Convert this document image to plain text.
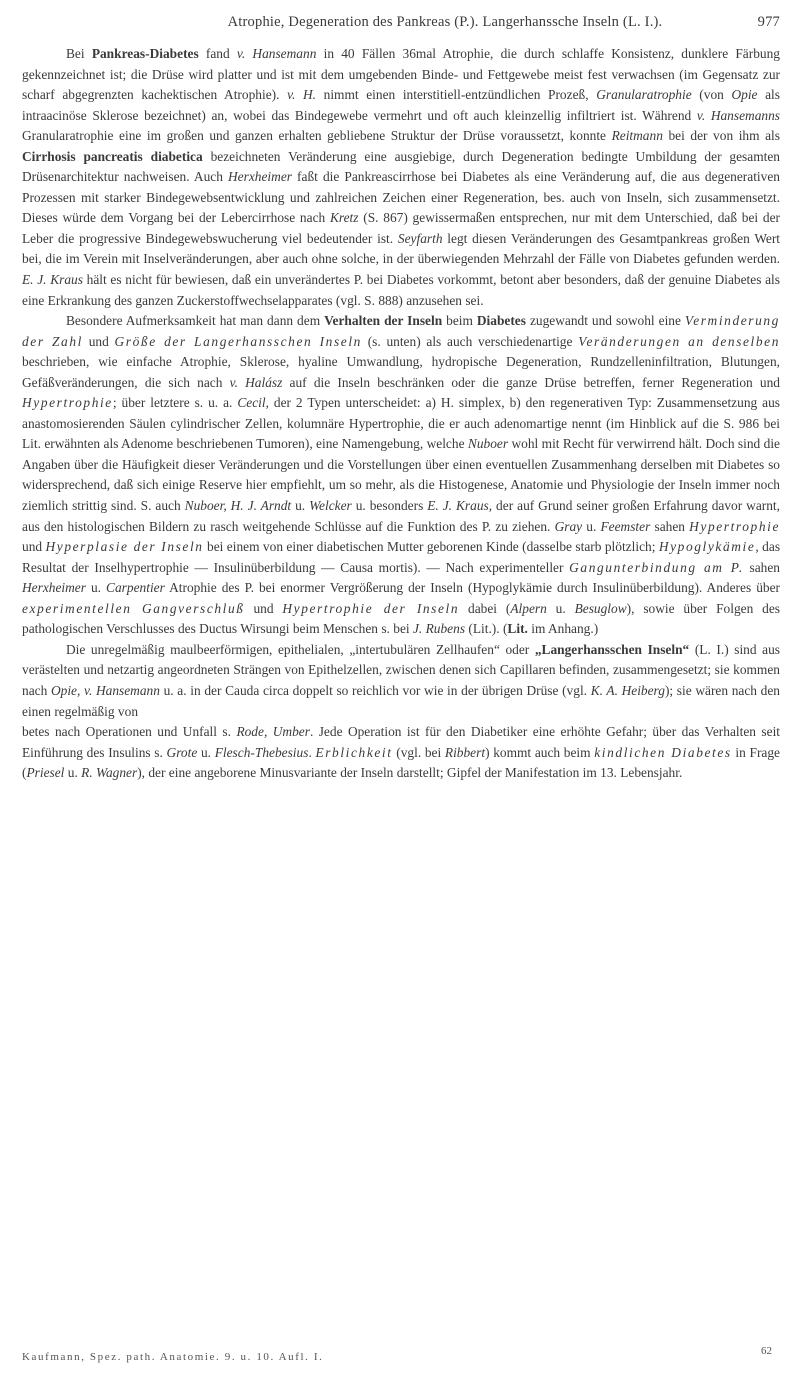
Atrophie, Degeneration des Pankreas (P.). Langerhanssche Inseln (L. I.).	977

Bei Pankreas-Diabetes fand v. Hansemann in 40 Fällen 36mal Atrophie, die durch schlaffe Konsistenz, dunklere Färbung gekennzeichnet ist; die Drüse wird platter und ist mit dem umgebenden Binde- und Fettgewebe meist fest verwachsen (im Gegensatz zur scharf abgegrenzten kachektischen Atrophie). v. H. nimmt einen interstitiell-entzündlichen Prozeß, Granularatrophie (von Opie als intraacinöse Sklerose bezeichnet) an, wobei das Bindegewebe vermehrt und oft auch kleinzellig infiltriert ist. Während v. Hansemanns Granularatrophie eine im großen und ganzen erhalten gebliebene Struktur der Drüse voraussetzt, konnte Reitmann bei der von ihm als Cirrhosis pancreatis diabetica bezeichneten Veränderung eine ausgiebige, durch Degeneration bedingte Umbildung der gesamten Drüsenarchitektur nachweisen. Auch Herxheimer faßt die Pankreascirrhose bei Diabetes als eine Veränderung auf, die aus degenerativen Prozessen mit starker Bindegewebsentwicklung und zahlreichen Zeichen einer Regeneration, bes. auch von Inseln, sich zusammensetzt. Dieses würde dem Vorgang bei der Lebercirrhose nach Kretz (S. 867) gewissermaßen entsprechen, nur mit dem Unterschied, daß bei der Leber die progressive Bindegewebswucherung viel bedeutender ist. Seyfarth legt diesen Veränderungen des Gesamtpankreas großen Wert bei, die im Verein mit Inselveränderungen, aber auch ohne solche, in der überwiegenden Mehrzahl der Fälle von Diabetes gefunden werden. E. J. Kraus hält es nicht für bewiesen, daß ein unverändertes P. bei Diabetes vorkommt, betont aber besonders, daß der genuine Diabetes als eine Erkrankung des ganzen Zuckerstoffwechselapparates (vgl. S. 888) anzusehen sei.

Besondere Aufmerksamkeit hat man dann dem Verhalten der Inseln beim Diabetes zugewandt und sowohl eine Verminderung der Zahl und Größe der Langerhansschen Inseln (s. unten) als auch verschiedenartige Veränderungen an denselben beschrieben, wie einfache Atrophie, Sklerose, hyaline Umwandlung, hydropische Degeneration, Rundzelleninfiltration, Blutungen, Gefäßveränderungen, die sich nach v. Halász auf die Inseln beschränken oder die ganze Drüse betreffen, ferner Regeneration und Hypertrophie; über letztere s. u. a. Cecil, der 2 Typen unterscheidet: a) H. simplex, b) den regenerativen Typ: Zusammensetzung aus anastomosierenden Säulen cylindrischer Zellen, kolumnäre Hypertrophie, die er auch adenomartige nennt (im Hinblick auf die S. 986 bei Lit. erwähnten als Adenome beschriebenen Tumoren), eine Namengebung, welche Nuboer wohl mit Recht für verwirrend hält. Doch sind die Angaben über die Häufigkeit dieser Veränderungen und die Vorstellungen über einen eventuellen Zusammenhang derselben mit Diabetes so widersprechend, daß sich einige Reserve hier empfiehlt, um so mehr, als die Histogenese, Anatomie und Physiologie der Inseln immer noch ziemlich strittig sind. S. auch Nuboer, H. J. Arndt u. Welcker u. besonders E. J. Kraus, der auf Grund seiner großen Erfahrung davor warnt, aus den histologischen Bildern zu rasch weitgehende Schlüsse auf die Funktion des P. zu ziehen. Gray u. Feemster sahen Hypertrophie und Hyperplasie der Inseln bei einem von einer diabetischen Mutter geborenen Kinde (dasselbe starb plötzlich; Hypoglykämie, das Resultat der Inselhypertrophie — Insulinüberbildung — Causa mortis). — Nach experimenteller Gangunterbindung am P. sahen Herxheimer u. Carpentier Atrophie des P. bei enormer Vergrößerung der Inseln (Hypoglykämie durch Insulinüberbildung). Anderes über experimentellen Gangverschluß und Hypertrophie der Inseln dabei (Alpern u. Besuglow), sowie über Folgen des pathologischen Verschlusses des Ductus Wirsungi beim Menschen s. bei J. Rubens (Lit.). (Lit. im Anhang.)

Die unregelmäßig maulbeerförmigen, epithelialen, „intertubulären Zellhaufen“ oder „Langerhansschen Inseln“ (L. I.) sind aus verästelten und netzartig angeordneten Strängen von Epithelzellen, zwischen denen sich Capillaren befinden, zusammengesetzt; sie kommen nach Opie, v. Hansemann u. a. in der Cauda circa doppelt so reichlich vor wie in der übrigen Drüse (vgl. K. A. Heiberg); sie wären nach den einen regelmäßig von

betes nach Operationen und Unfall s. Rode, Umber. Jede Operation ist für den Diabetiker eine erhöhte Gefahr; über das Verhalten seit Einführung des Insulins s. Grote u. Flesch-Thebesius. Erblichkeit (vgl. bei Ribbert) kommt auch beim kindlichen Diabetes in Frage (Priesel u. R. Wagner), der eine angeborene Minusvariante der Inseln darstellt; Gipfel der Manifestation im 13. Lebensjahr.

Kaufmann, Spez. path. Anatomie. 9. u. 10. Aufl. I.	62
